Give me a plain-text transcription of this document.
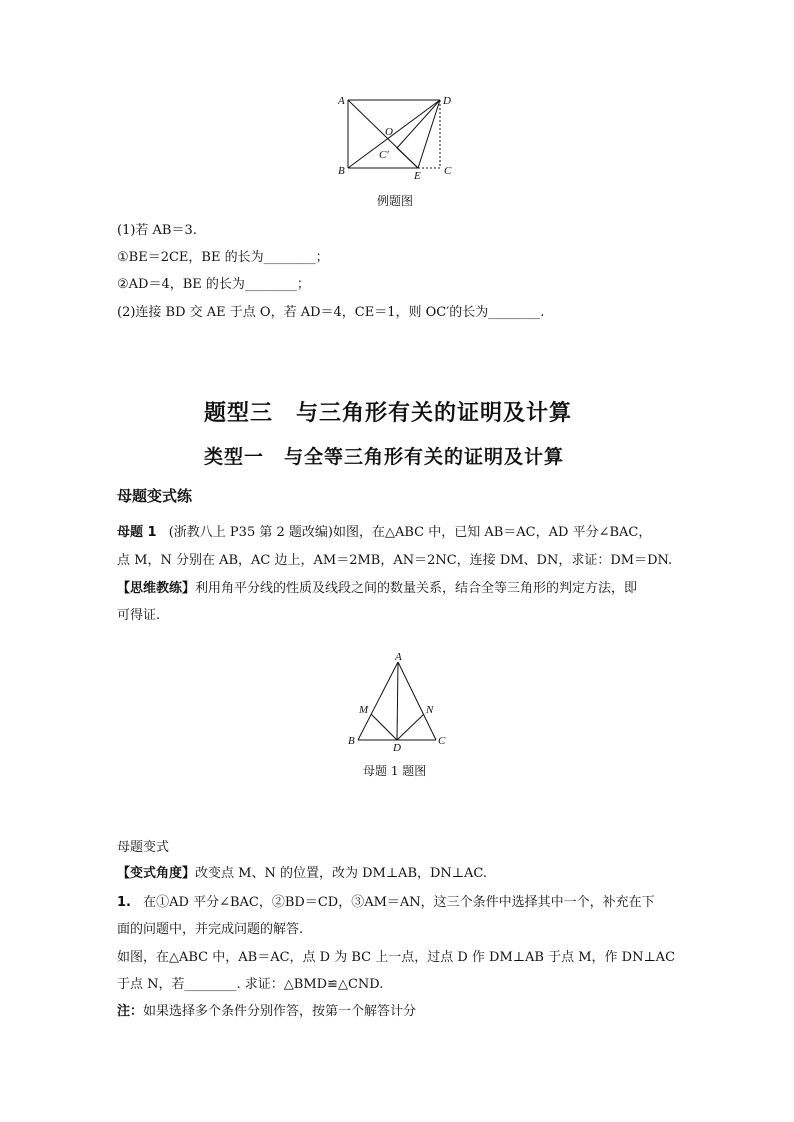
A	D
O
C′
B	E C
例题图
(1)若 AB＝3.
①BE＝2CE，BE 的长为________；
②AD＝4，BE 的长为________；
(2)连接 BD 交 AE 于点 O，若 AD＝4，CE＝1，则 OC′的长为________.
题型三　与三角形有关的证明及计算
类型一　与全等三角形有关的证明及计算
母题变式练
母题 1 (浙教八上 P35 第 2 题改编)如图，在△ABC 中，已知 AB＝AC，AD 平分∠BAC，
点 M，N 分别在 AB，AC 边上，AM＝2MB，AN＝2NC，连接 DM、DN，求证：DM＝DN.
【思维教练】利用角平分线的性质及线段之间的数量关系，结合全等三角形的判定方法，即
可得证.
A
M	N
B
D
C
母题 1 题图
母题变式
【变式角度】改变点 M、N 的位置，改为 DM⊥AB，DN⊥AC.
1. 在①AD 平分∠BAC，②BD＝CD，③AM＝AN，这三个条件中选择其中一个，补充在下
面的问题中，并完成问题的解答.
如图，在△ABC 中，AB＝AC，点 D 为 BC 上一点，过点 D 作 DM⊥AB 于点 M，作 DN⊥AC
于点 N，若________. 求证：△BMD≌△CND.
注：如果选择多个条件分别作答，按第一个解答计分
